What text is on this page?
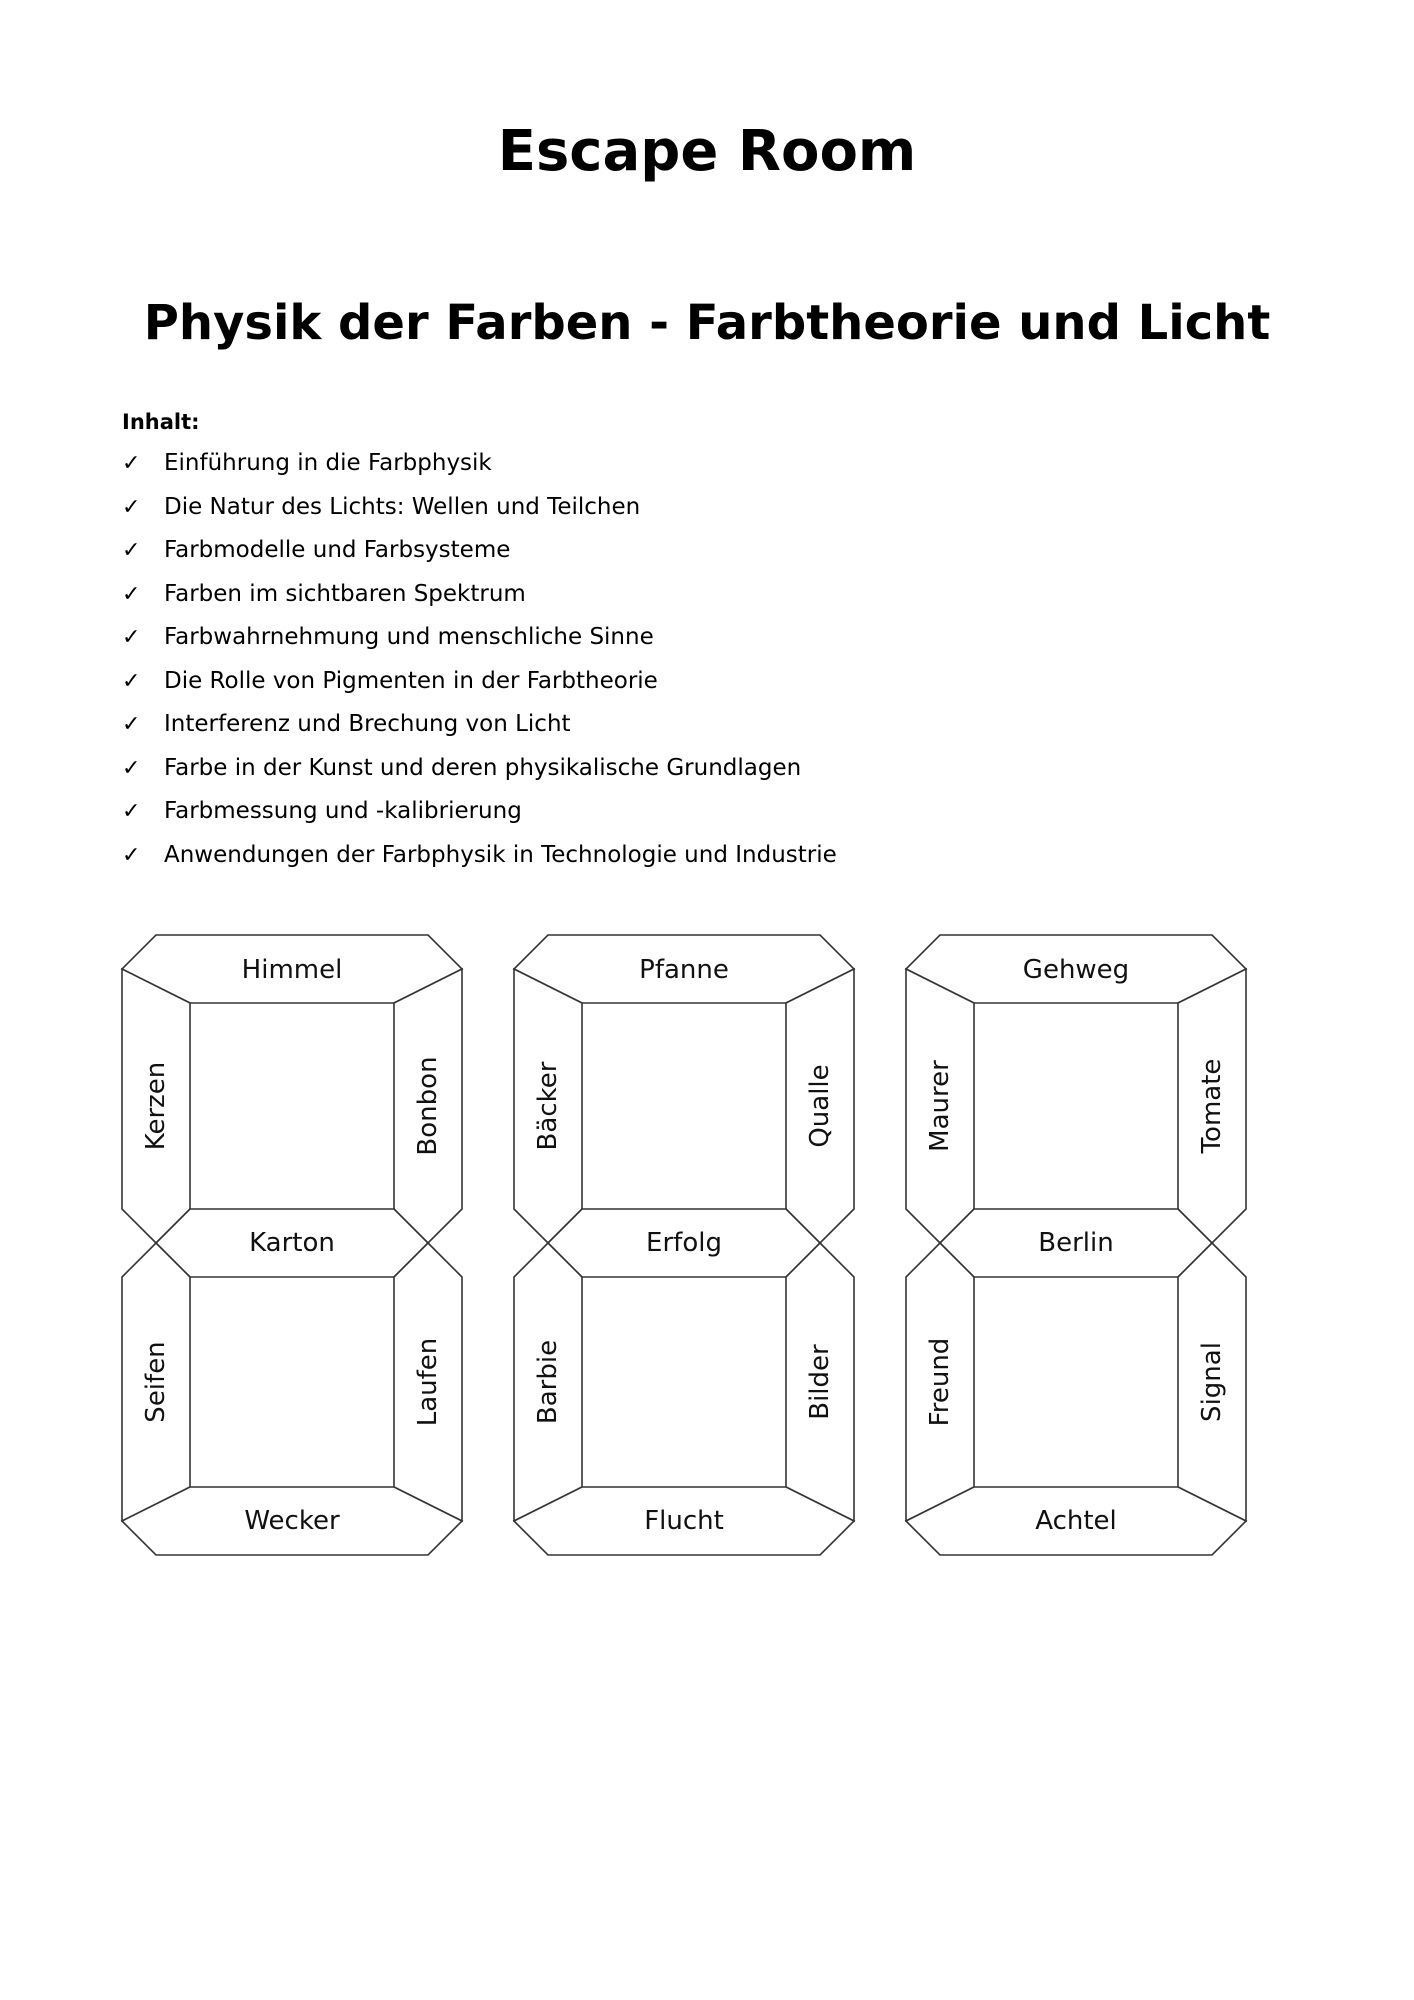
Escape Room
Physik der Farben - Farbtheorie und Licht
Inhalt:
✓ Einführung in die Farbphysik
✓ Die Natur des Lichts: Wellen und Teilchen
✓ Farbmodelle und Farbsysteme
✓ Farben im sichtbaren Spektrum
✓ Farbwahrnehmung und menschliche Sinne
✓ Die Rolle von Pigmenten in der Farbtheorie
✓ Interferenz und Brechung von Licht
✓ Farbe in der Kunst und deren physikalische Grundlagen
✓ Farbmessung und -kalibrierung
✓ Anwendungen der Farbphysik in Technologie und Industrie
Himmel
Kerzen	Bonbon
Karton
Seifen	Laufen
Wecker
Pfanne
Bäcker	Qualle
Erfolg
Barbie	Bilder
Flucht
Gehweg
Maurer	Tomate
Berlin
Freund	Signal
Achtel
